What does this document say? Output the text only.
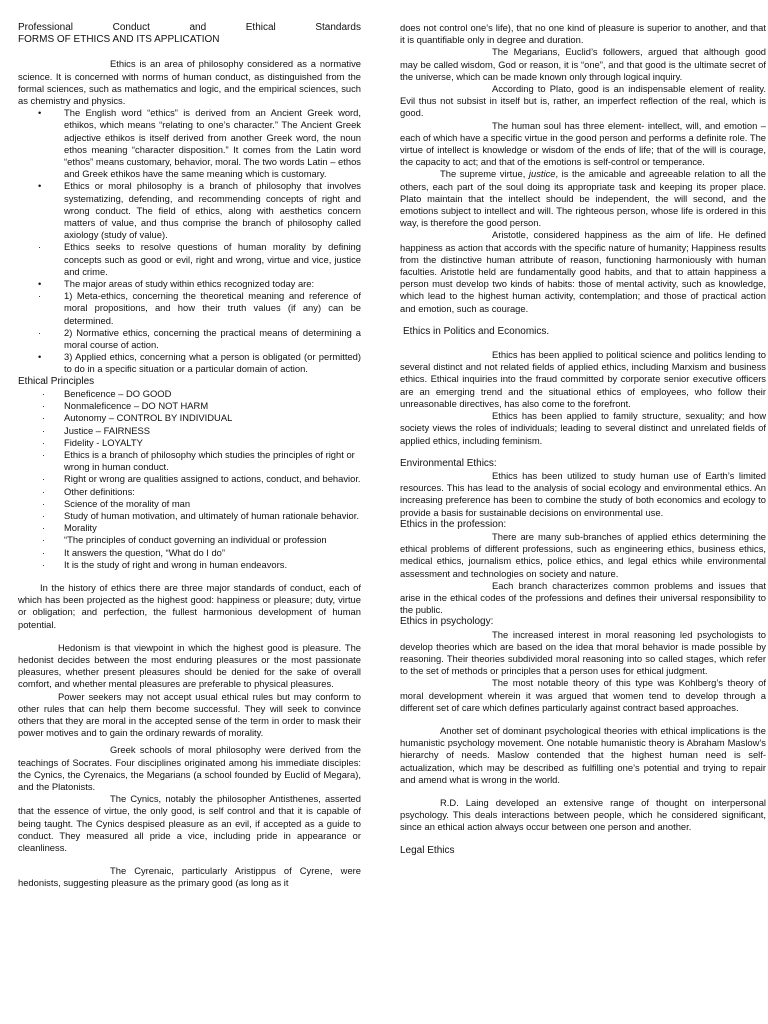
Professional	Conduct	and	Ethical	Standards
FORMS OF ETHICS AND ITS APPLICATION

Ethics is an area of philosophy considered as a normative science. It is concerned with norms of human conduct, as distinguished from the formal sciences, such as mathematics and logic, and the empirical sciences, such as chemistry and physics.

• The English word “ethics” is derived from an Ancient Greek word, ethikos, which means “relating to one’s character.” The Ancient Greek adjective ethikos is itself derived from another Greek word, the noun ethos meaning “character disposition.” It comes from the Latin word “ethos” means customary, behavior, moral. The two words Latin – ethos and Greek ethikos have the same meaning which is customary.
• Ethics or moral philosophy is a branch of philosophy that involves systematizing, defending, and recommending concepts of right and wrong conduct. The field of ethics, along with aesthetics concern matters of value, and thus comprise the branch of philosophy called axiology (study of value).
· Ethics seeks to resolve questions of human morality by defining concepts such as good or evil, right and wrong, virtue and vice, justice and crime.
• The major areas of study within ethics recognized today are:
· 1) Meta-ethics, concerning the theoretical meaning and reference of moral propositions, and how their truth values (if any) can be determined.
· 2) Normative ethics, concerning the practical means of determining a moral course of action.
• 3) Applied ethics, concerning what a person is obligated (or permitted) to do in a specific situation or a particular domain of action.
Ethical Principles
· Beneficence – DO GOOD
· Nonmaleficence – DO NOT HARM
· Autonomy – CONTROL BY INDIVIDUAL
· Justice – FAIRNESS
· Fidelity - LOYALTY
· Ethics is a branch of philosophy which studies the principles of right or wrong in human conduct.
· Right or wrong are qualities assigned to actions, conduct, and behavior.
· Other definitions:
· Science of the morality of man
· Study of human motivation, and ultimately of human rationale behavior.
· Morality
· “The principles of conduct governing an individual or profession
· It answers the question, “What do I do”
· It is the study of right and wrong in human endeavors.

In the history of ethics there are three major standards of conduct, each of which has been projected as the highest good: happiness or pleasure; duty, virtue or obligation; and perfection, the fullest harmonious development of human potential.

Hedonism is that viewpoint in which the highest good is pleasure. The hedonist decides between the most enduring pleasures or the most passionate pleasures, whether present pleasures should be denied for the sake of overall comfort, and whether mental pleasures are preferable to physical pleasures.

Power seekers may not accept usual ethical rules but may conform to other rules that can help them become successful. They will seek to convince others that they are moral in the accepted sense of the term in order to mask their power motives and to gain the ordinary rewards of morality.

Greek schools of moral philosophy were derived from the teachings of Socrates. Four disciplines originated among his immediate disciples: the Cynics, the Cyrenaics, the Megarians (a school founded by Euclid of Megara), and the Platonists.

The Cynics, notably the philosopher Antisthenes, asserted that the essence of virtue, the only good, is self control and that it is capable of being taught. The Cynics despised pleasure as an evil, if accepted as a guide to conduct. They measured all pride a vice, including pride in appearance or cleanliness.

The Cyrenaic, particularly Aristippus of Cyrene, were hedonists, suggesting pleasure as the primary good (as long as it

does not control one’s life), that no one kind of pleasure is superior to another, and that it is quantifiable only in degree and duration.

The Megarians, Euclid’s followers, argued that although good may be called wisdom, God or reason, it is “one”, and that good is the ultimate secret of the universe, which can be made known only through logical inquiry.

According to Plato, good is an indispensable element of reality. Evil thus not subsist in itself but is, rather, an imperfect reflection of the real, which is good.

The human soul has three element- intellect, will, and emotion – each of which have a specific virtue in the good person and performs a definite role. The virtue of intellect is knowledge or wisdom of the ends of life; that of the will is courage, the capacity to act; and that of the emotions is self-control or temperance.

The supreme virtue, justice, is the amicable and agreeable relation to all the others, each part of the soul doing its appropriate task and keeping its proper place. Plato maintain that the intellect should be independent, the will second, and the emotions subject to intellect and will. The righteous person, whose life is ordered in this way, is therefore the good person.

Aristotle, considered happiness as the aim of life. He defined happiness as action that accords with the specific nature of humanity; Happiness results from the distinctive human attribute of reason, functioning harmoniously with human faculties. Aristotle held are fundamentally good habits, and that to attain happiness a person must develop two kinds of habits: those of mental activity, such as knowledge, which lead to the highest human activity, contemplation; and those of practical action and emotion, such as courage.

Ethics in Politics and Economics.

Ethics has been applied to political science and politics lending to several distinct and not related fields of applied ethics, including Marxism and business ethics. Ethical inquiries into the fraud committed by corporate senior executive officers are an emerging trend and the situational ethics of employees, who follow their unreasonable directives, has also come to the forefront.

Ethics has been applied to family structure, sexuality; and how society views the roles of individuals; leading to several distinct and unrelated fields of applied ethics, including feminism.

Environmental Ethics:

Ethics has been utilized to study human use of Earth’s limited resources. This has lead to the analysis of social ecology and environmental ethics. An increasing preference has been to combine the study of both economics and ecology to provide a basis for sustainable decisions on environmental use.

Ethics in the profession:

There are many sub-branches of applied ethics determining the ethical problems of different professions, such as engineering ethics, business ethics, medical ethics, journalism ethics, police ethics, and legal ethics while environmental assessment and technologies on society and nature.

Each branch characterizes common problems and issues that arise in the ethical codes of the professions and defines their universal responsibility to the public.

Ethics in psychology:

The increased interest in moral reasoning led psychologists to develop theories which are based on the idea that moral behavior is made possible by reasoning. Their theories subdivided moral reasoning into so called stages, which refer to the set of methods or principles that a person uses for ethical judgment.

The most notable theory of this type was Kohlberg’s theory of moral development wherein it was argued that women tend to develop through a different set of care which defines particularly against contract based approaches.

Another set of dominant psychological theories with ethical implications is the humanistic psychology movement. One notable humanistic theory is Abraham Maslow’s hierarchy of needs. Maslow contended that the highest human need is self-actualization, which may be described as fulfilling one’s potential and trying to repair and amend what is wrong in the world.

R.D. Laing developed an extensive range of thought on interpersonal psychology. This deals interactions between people, which he considered significant, since an ethical action always occur between one person and another.

Legal Ethics
